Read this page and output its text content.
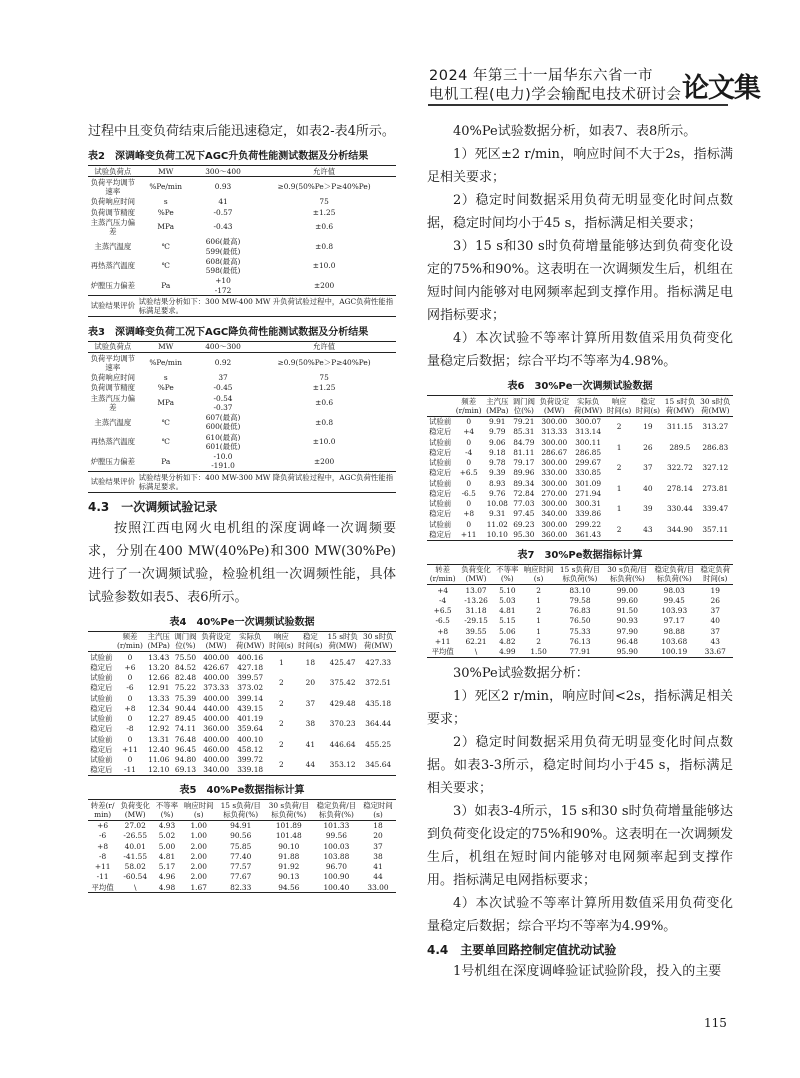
2024 年第三十一届华东六省一市
电机工程(电力)学会输配电技术研讨会 论文集

过程中且变负荷结束后能迅速稳定，如表2-表4所示。

表2　深调峰变负荷工况下AGC升负荷性能测试数据及分析结果
试验负荷点	MW	300～400	允许值
负荷平均调节速率	%Pe/min	0.93	≥0.9(50%Pe＞P≥40%Pe)
负荷响应时间	s	41	75
负荷调节精度	%Pe	-0.57	±1.25
主蒸汽压力偏差	MPa	-0.43	±0.6
主蒸汽温度	℃	606(最高)
599(最低)	±0.8
再热蒸汽温度	℃	608(最高)
598(最低)	±10.0
炉膛压力偏差	Pa	+10
-172	±200
试验结果评价	试验结果分析如下：300 MW-400 MW 升负荷试验过程中，AGC负荷性能指标满足要求。		
表3　深调峰变负荷工况下AGC降负荷性能测试数据及分析结果
试验负荷点	MW	400～300	允许值
负荷平均调节速率	%Pe/min	0.92	≥0.9(50%Pe＞P≥40%Pe)
负荷响应时间	s	37	75
负荷调节精度	%Pe	-0.45	±1.25
主蒸汽压力偏差	MPa	-0.54
-0.37	±0.6
主蒸汽温度	℃	607(最高)
600(最低)	±0.8
再热蒸汽温度	℃	610(最高)
601(最低)	±10.0
炉膛压力偏差	Pa	-10.0
-191.0	±200
试验结果评价	试验结果分析如下：400 MW-300 MW 降负荷试验过程中，AGC负荷性能指标满足要求。		
4.3　一次调频试验记录

按照江西电网火电机组的深度调峰一次调频要求，分别在400 MW(40%Pe)和300 MW(30%Pe)进行了一次调频试验，检验机组一次调频性能，具体试验参数如表5、表6所示。

表4　40%Pe一次调频试验数据
	频差
(r/min)	主汽压
(MPa)	调门阀
位(%)	负荷设定
(MW)	实际负
荷(MW)	响应
时间(s)	稳定
时间(s)	15 s时负
荷(MW)	30 s时负
荷(MW)
试验前	0	13.43	75.50	400.00	400.16	1	18	425.47	427.33
稳定后	+6	13.20	84.52	426.67	427.18				
试验前	0	12.66	82.48	400.00	399.57	2	20	375.42	372.51
稳定后	-6	12.91	75.22	373.33	373.02				
试验前	0	13.33	75.39	400.00	399.14	2	37	429.48	435.18
稳定后	+8	12.34	90.44	440.00	439.15				
试验前	0	12.27	89.45	400.00	401.19	2	38	370.23	364.44
稳定后	-8	12.92	74.11	360.00	359.64				
试验前	0	13.31	76.48	400.00	400.10	2	41	446.64	455.25
稳定后	+11	12.40	96.45	460.00	458.12				
试验前	0	11.06	94.80	400.00	399.72	2	44	353.12	345.64
稳定后	-11	12.10	69.13	340.00	339.18				
表5　40%Pe数据指标计算
转差(r/
min)	负荷变化
(MW)	不等率
(%)	响应时间
(s)	15 s负荷/目
标负荷(%)	30 s负荷/目
标负荷(%)	稳定负荷/目
标负荷(%)	稳定时间
(s)
+6	27.02	4.93	1.00	94.91	101.89	101.33	18
-6	-26.55	5.02	1.00	90.56	101.48	99.56	20
+8	40.01	5.00	2.00	75.85	90.10	100.03	37
-8	-41.55	4.81	2.00	77.40	91.88	103.88	38
+11	58.02	5.17	2.00	77.57	91.92	96.70	41
-11	-60.54	4.96	2.00	77.67	90.13	100.90	44
平均值	\	4.98	1.67	82.33	94.56	100.40	33.00

40%Pe试验数据分析，如表7、表8所示。

1）死区±2 r/min，响应时间不大于2s，指标满足相关要求；

2）稳定时间数据采用负荷无明显变化时间点数据，稳定时间均小于45 s，指标满足相关要求；

3）15 s和30 s时负荷增量能够达到负荷变化设定的75%和90%。这表明在一次调频发生后，机组在短时间内能够对电网频率起到支撑作用。指标满足电网指标要求；

4）本次试验不等率计算所用数值采用负荷变化量稳定后数据；综合平均不等率为4.98%。

表6　30%Pe一次调频试验数据
	频差
(r/min)	主汽压
(MPa)	调门阀
位(%)	负荷设定
(MW)	实际负
荷(MW)	响应
时间(s)	稳定
时间(s)	15 s时负
荷(MW)	30 s时负
荷(MW)
试验前	0	9.91	79.21	300.00	300.07	2	19	311.15	313.27
稳定后	+4	9.79	85.31	313.33	313.14				
试验前	0	9.06	84.79	300.00	300.11	1	26	289.5	286.83
稳定后	-4	9.18	81.11	286.67	286.85				
试验前	0	9.78	79.17	300.00	299.67	2	37	322.72	327.12
稳定后	+6.5	9.39	89.96	330.00	330.85				
试验前	0	8.93	89.34	300.00	301.09	1	40	278.14	273.81
稳定后	-6.5	9.76	72.84	270.00	271.94				
试验前	0	10.08	77.03	300.00	300.31	1	39	330.44	339.47
稳定后	+8	9.31	97.45	340.00	339.86				
试验前	0	11.02	69.23	300.00	299.22	2	43	344.90	357.11
稳定后	+11	10.10	95.30	360.00	361.43				
表7　30%Pe数据指标计算
转差
(r/min)	负荷变化
(MW)	不等率
(%)	响应时间
(s)	15 s负荷/目
标负荷(%)	30 s负荷/目
标负荷(%)	稳定负荷/目
标负荷(%)	稳定负荷
时间(s)
+4	13.07	5.10	2	83.10	99.00	98.03	19
-4	-13.26	5.03	1	79.58	99.60	99.45	26
+6.5	31.18	4.81	2	76.83	91.50	103.93	37
-6.5	-29.15	5.15	1	76.50	90.93	97.17	40
+8	39.55	5.06	1	75.33	97.90	98.88	37
+11	62.21	4.82	2	76.13	96.48	103.68	43
平均值	\	4.99	1.50	77.91	95.90	100.19	33.67

30%Pe试验数据分析：

1）死区2 r/min，响应时间<2s，指标满足相关要求；

2）稳定时间数据采用负荷无明显变化时间点数据。如表3-3所示，稳定时间均小于45 s，指标满足相关要求；

3）如表3-4所示，15 s和30 s时负荷增量能够达到负荷变化设定的75%和90%。这表明在一次调频发生后，机组在短时间内能够对电网频率起到支撑作用。指标满足电网指标要求；

4）本次试验不等率计算所用数值采用负荷变化量稳定后数据；综合平均不等率为4.99%。

4.4　主要单回路控制定值扰动试验

1号机组在深度调峰验证试验阶段，投入的主要

115
